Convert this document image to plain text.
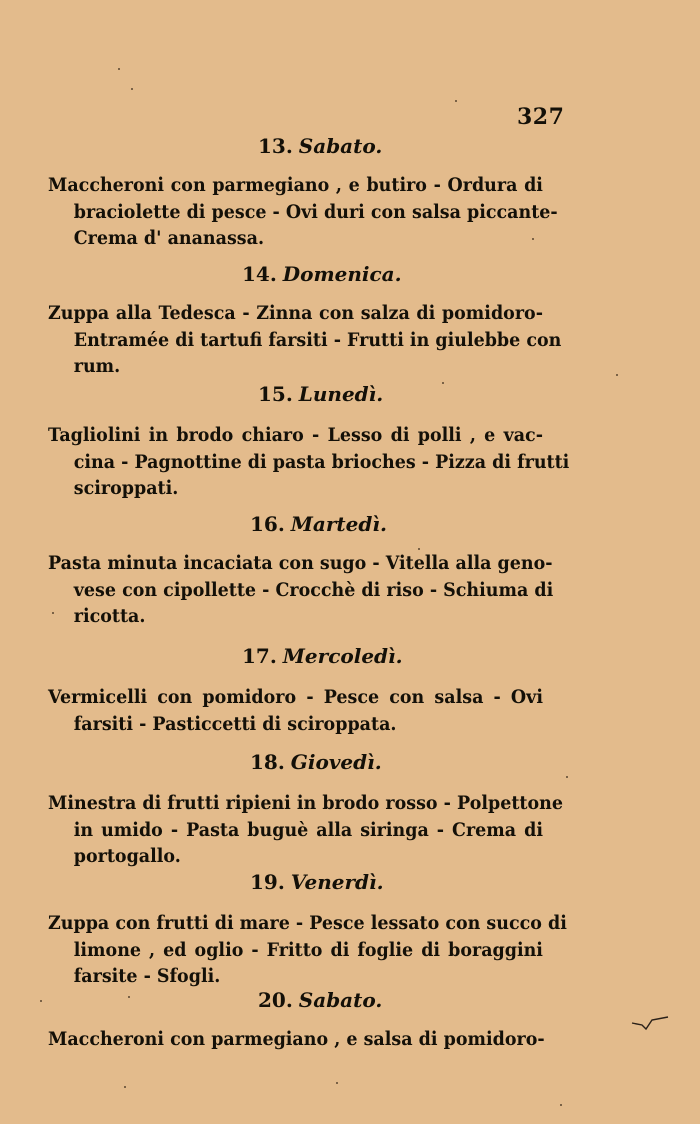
327
13. Sabato.
Maccheroni con parmegiano , e butiro - Ordura di
braciolette di pesce - Ovi duri con salsa piccante-
Crema d' ananassa.
14. Domenica.
Zuppa alla Tedesca - Zinna con salza di pomidoro-
Entramée di tartufi farsiti - Frutti in giulebbe con
rum.
15. Lunedì.
Tagliolini in brodo chiaro - Lesso di polli , e vac-
cina - Pagnottine di pasta brioches - Pizza di frutti
sciroppati.
16. Martedì.
Pasta minuta incaciata con sugo - Vitella alla geno-
vese con cipollette - Crocchè di riso - Schiuma di
ricotta.
17. Mercoledì.
Vermicelli con pomidoro - Pesce con salsa - Ovi
farsiti - Pasticcetti di sciroppata.
18. Giovedì.
Minestra di frutti ripieni in brodo rosso - Polpettone
in umido - Pasta buguè alla siringa - Crema di
portogallo.
19. Venerdì.
Zuppa con frutti di mare - Pesce lessato con succo di
limone , ed oglio - Fritto di foglie di boraggini
farsite - Sfogli.
20. Sabato.
Maccheroni con parmegiano , e salsa di pomidoro-
